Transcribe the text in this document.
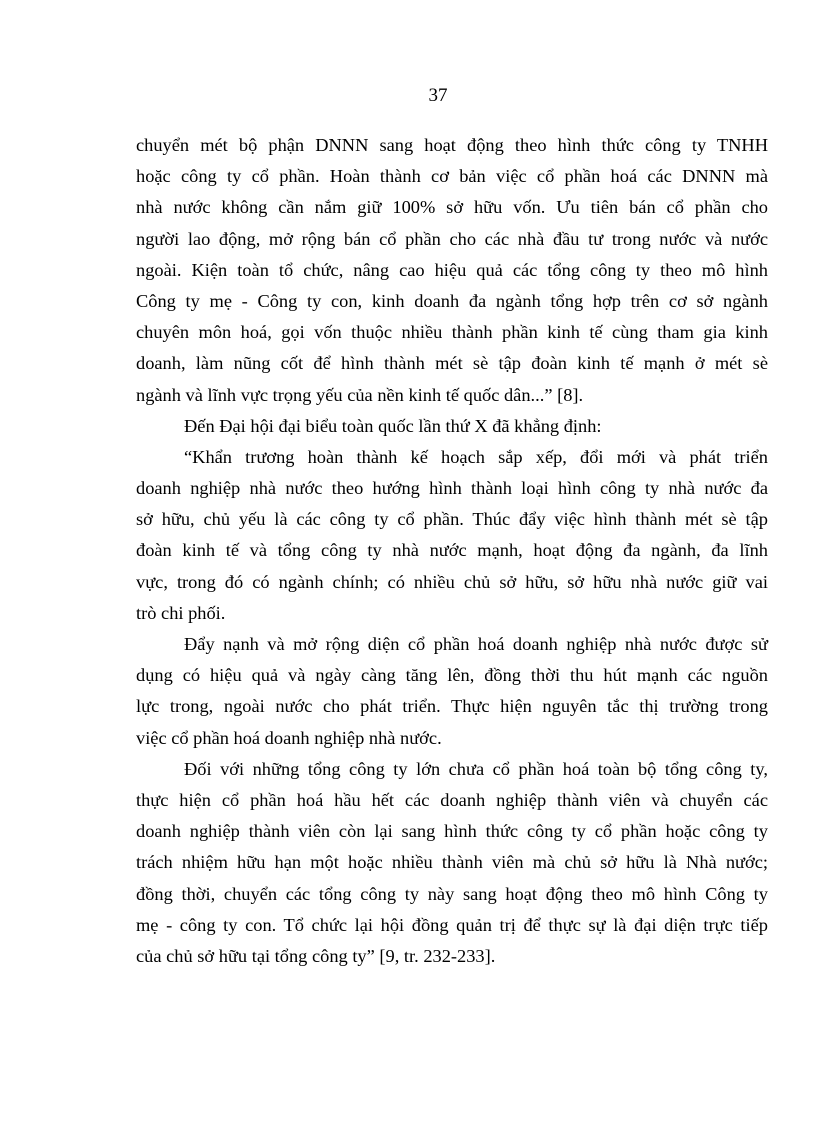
37
chuyển mét bộ phận DNNN sang hoạt động theo hình thức công ty TNHH
hoặc công ty cổ phần. Hoàn thành cơ bản việc cổ phần hoá các DNNN mà
nhà nước không cần nắm giữ 100% sở hữu vốn. Ưu tiên bán cổ phần cho
người lao động, mở rộng bán cổ phần cho các nhà đầu tư trong nước và nước
ngoài. Kiện toàn tổ chức, nâng cao hiệu quả các tổng công ty theo mô hình
Công ty mẹ - Công ty con, kinh doanh đa ngành tổng hợp trên cơ sở ngành
chuyên môn hoá, gọi vốn thuộc nhiều thành phần kinh tế cùng tham gia kinh
doanh, làm nũng cốt để hình thành mét sè tập đoàn kinh tế mạnh ở mét sè
ngành và lĩnh vực trọng yếu của nền kinh tế quốc dân...” [8].
Đến Đại hội đại biểu toàn quốc lần thứ X đã khẳng định:
“Khẩn trương hoàn thành kế hoạch sắp xếp, đổi mới và phát triển
doanh nghiệp nhà nước theo hướng hình thành loại hình công ty nhà nước đa
sở hữu, chủ yếu là các công ty cổ phần. Thúc đẩy việc hình thành mét sè tập
đoàn kinh tế và tổng công ty nhà nước mạnh, hoạt động đa ngành, đa lĩnh
vực, trong đó có ngành chính; có nhiều chủ sở hữu, sở hữu nhà nước giữ vai
trò chi phối.
Đẩy nạnh và mở rộng diện cổ phần hoá doanh nghiệp nhà nước được sử
dụng có hiệu quả và ngày càng tăng lên, đồng thời thu hút mạnh các nguồn
lực trong, ngoài nước cho phát triển. Thực hiện nguyên tắc thị trường trong
việc cổ phần hoá doanh nghiệp nhà nước.
Đối với những tổng công ty lớn chưa cổ phần hoá toàn bộ tổng công ty,
thực hiện cổ phần hoá hầu hết các doanh nghiệp thành viên và chuyển các
doanh nghiệp thành viên còn lại sang hình thức công ty cổ phần hoặc công ty
trách nhiệm hữu hạn một hoặc nhiều thành viên mà chủ sở hữu là Nhà nước;
đồng thời, chuyển các tổng công ty này sang hoạt động theo mô hình Công ty
mẹ - công ty con. Tổ chức lại hội đồng quản trị để thực sự là đại diện trực tiếp
của chủ sở hữu tại tổng công ty” [9, tr. 232-233].
